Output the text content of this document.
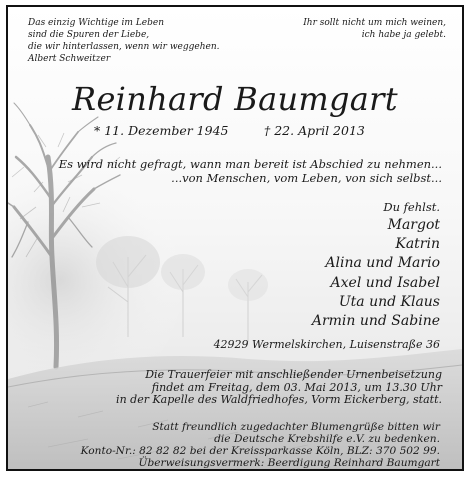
Das einzig Wichtige im Leben
sind die Spuren der Liebe,
die wir hinterlassen, wenn wir weggehen.
Albert Schweitzer
Ihr sollt nicht um mich weinen,
ich habe ja gelebt.
Reinhard Baumgart
* 11. Dezember 1945	† 22. April 2013
Es wird nicht gefragt, wann man bereit ist Abschied zu nehmen...
...von Menschen, vom Leben, von sich selbst...
Du fehlst.
Margot
Katrin
Alina und Mario
Axel und Isabel
Uta und Klaus
Armin und Sabine
42929 Wermelskirchen, Luisenstraße 36
Die Trauerfeier mit anschließender Urnenbeisetzung
findet am Freitag, dem 03. Mai 2013, um 13.30 Uhr
in der Kapelle des Waldfriedhofes, Vorm Eickerberg, statt.
Statt freundlich zugedachter Blumengrüße bitten wir
die Deutsche Krebshilfe e.V. zu bedenken.
Konto-Nr.: 82 82 82 bei der Kreissparkasse Köln, BLZ: 370 502 99.
Überweisungsvermerk: Beerdigung Reinhard Baumgart
